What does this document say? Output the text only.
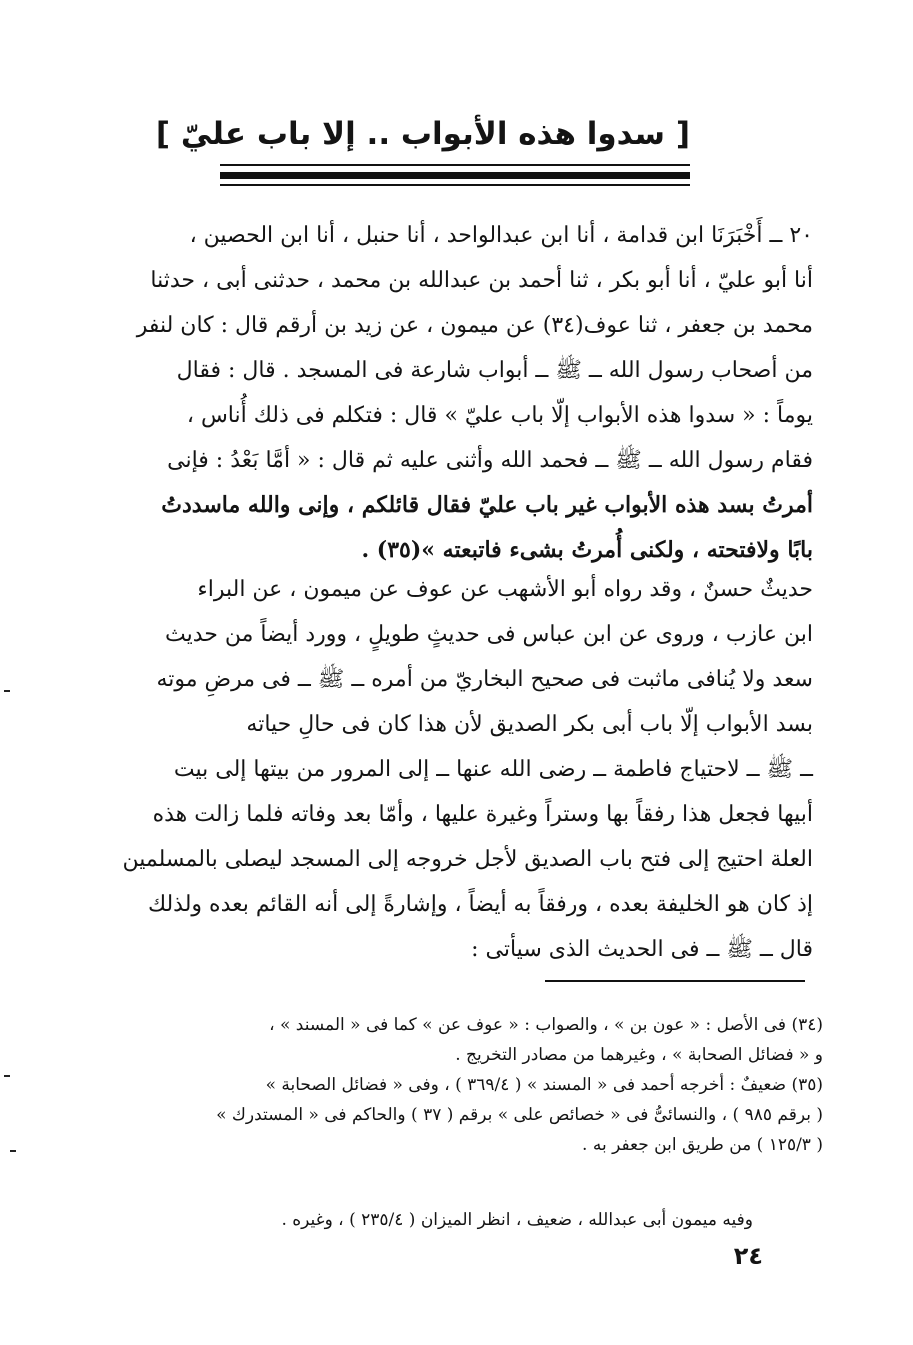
[ سدوا هذه الأبواب .. إلا باب عليّ ]
٢٠ ــ أَخْبَرَنَا ابن قدامة ، أنا ابن عبدالواحد ، أنا حنبل ، أنا ابن الحصين ،
أنا أبو عليّ ، أنا أبو بكر ، ثنا أحمد بن عبدالله بن محمد ، حدثنى أبى ، حدثنا
محمد بن جعفر ، ثنا عوف(٣٤) عن ميمون ، عن زيد بن أرقم قال : كان لنفر
من أصحاب رسول الله ــ ﷺ ــ أبواب شارعة فى المسجد . قال : فقال
يوماً : « سدوا هذه الأبواب إلّا باب عليّ » قال : فتكلم فى ذلك أُناس ،
فقام رسول الله ــ ﷺ ــ فحمد الله وأثنى عليه ثم قال : « أمَّا بَعْدُ : فإنى
أمرتُ بسد هذه الأبواب غير باب عليّ فقال قائلكم ، وإنى والله ماسددتُ
بابًا ولافتحته ، ولكنى أُمرتُ بشىء فاتبعته »(٣٥) .
حديثٌ حسنٌ ، وقد رواه أبو الأشهب عن عوف عن ميمون ، عن البراء
ابن عازب ، وروى عن ابن عباس فى حديثٍ طويلٍ ، وورد أيضاً من حديث
سعد ولا يُنافى ماثبت فى صحيح البخاريّ من أمره ــ ﷺ ــ فى مرضِ موته
بسد الأبواب إلّا باب أبى بكر الصديق لأن هذا كان فى حالِ حياته
ــ ﷺ ــ لاحتياج فاطمة ــ رضى الله عنها ــ إلى المرور من بيتها إلى بيت
أبيها فجعل هذا رفقاً بها وستراً وغيرة عليها ، وأمّا بعد وفاته فلما زالت هذه
العلة احتيج إلى فتح باب الصديق لأجل خروجه إلى المسجد ليصلى بالمسلمين
إذ كان هو الخليفة بعده ، ورفقاً به أيضاً ، وإشارةً إلى أنه القائم بعده ولذلك
قال ــ ﷺ ــ فى الحديث الذى سيأتى :
(٣٤) فى الأصل : « عون بن » ، والصواب : « عوف عن » كما فى « المسند » ،
و « فضائل الصحابة » ، وغيرهما من مصادر التخريج .
(٣٥) ضعيفٌ : أخرجه أحمد فى « المسند » ( ٣٦٩/٤ ) ، وفى « فضائل الصحابة »
( برقم ٩٨٥ ) ، والنسائىُّ فى « خصائص على » برقم ( ٣٧ ) والحاكم فى « المستدرك »
( ١٢٥/٣ ) من طريق ابن جعفر به .
وفيه ميمون أبى عبدالله ، ضعيف ، انظر الميزان ( ٢٣٥/٤ ) ، وغيره .
٢٤
